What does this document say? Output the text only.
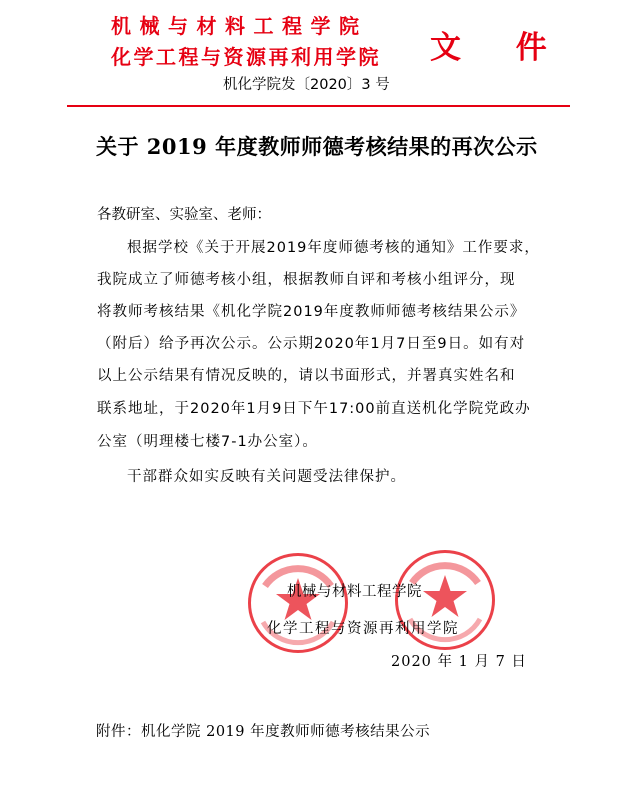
机械与材料工程学院
化学工程与资源再利用学院 文 件
机化学院发〔2020〕3 号
关于 2019 年度教师师德考核结果的再次公示
各教研室、实验室、老师：
根据学校《关于开展2019年度师德考核的通知》工作要求，
我院成立了师德考核小组，根据教师自评和考核小组评分，现
将教师考核结果《机化学院2019年度教师师德考核结果公示》
（附后）给予再次公示。公示期2020年1月7日至9日。如有对
以上公示结果有情况反映的，请以书面形式，并署真实姓名和
联系地址，于2020年1月9日下午17:00前直送机化学院党政办
公室（明理楼七楼7-1办公室）。
干部群众如实反映有关问题受法律保护。
机械与材料工程学院
化学工程与资源再利用学院
2020 年 1 月 7 日
附件：机化学院 2019 年度教师师德考核结果公示
